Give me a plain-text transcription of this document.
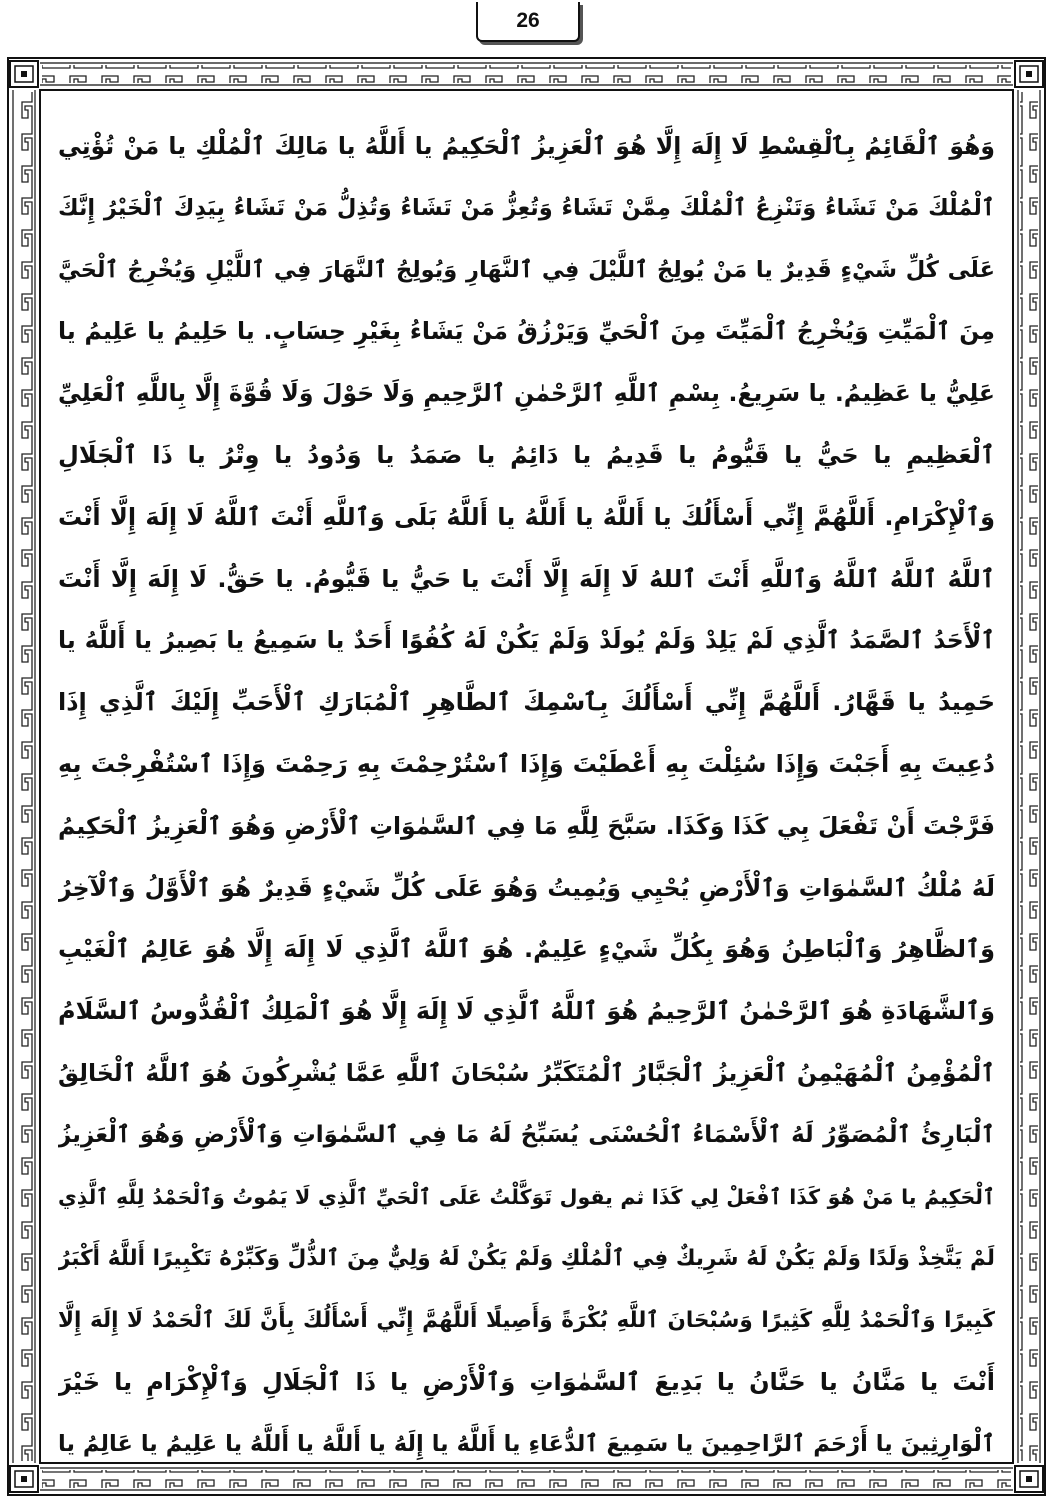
26
وَهُوَ ٱلْقَائِمُ بِٱلْقِسْطِ لَا إِلَهَ إِلَّا هُوَ ٱلْعَزِيزُ ٱلْحَكِيمُ يا أَللَّهُ يا مَالِكَ ٱلْمُلْكِ يا مَنْ تُؤْتِي
ٱلْمُلْكَ مَنْ تَشَاءُ وَتَنْزِعُ ٱلْمُلْكَ مِمَّنْ تَشَاءُ وَتُعِزُّ مَنْ تَشَاءُ وَتُذِلُّ مَنْ تَشَاءُ بِيَدِكَ ٱلْخَيْرُ إِنَّكَ
عَلَى كُلِّ شَيْءٍ قَدِيرٌ يا مَنْ يُولِجُ ٱللَّيْلَ فِي ٱلنَّهَارِ وَيُولِجُ ٱلنَّهَارَ فِي ٱللَّيْلِ وَيُخْرِجُ ٱلْحَيَّ
مِنَ ٱلْمَيِّتِ وَيُخْرِجُ ٱلْمَيِّتَ مِنَ ٱلْحَيِّ وَيَرْزُقُ مَنْ يَشَاءُ بِغَيْرِ حِسَابٍ. يا حَلِيمُ يا عَلِيمُ يا
عَلِيُّ يا عَظِيمُ. يا سَرِيعُ. بِسْمِ ٱللَّهِ ٱلرَّحْمٰنِ ٱلرَّحِيمِ وَلَا حَوْلَ وَلَا قُوَّةَ إِلَّا بِاللَّهِ ٱلْعَلِيِّ
ٱلْعَظِيمِ يا حَيُّ يا قَيُّومُ يا قَدِيمُ يا دَائِمُ يا صَمَدُ يا وَدُودُ يا وِتْرُ يا ذَا ٱلْجَلَالِ
وَٱلْإِكْرَامِ. أَللَّهُمَّ إِنِّي أَسْأَلُكَ يا أَللَّهُ يا أَللَّهُ يا أَللَّهُ بَلَى وَٱللَّهِ أَنْتَ ٱللَّهُ لَا إِلَهَ إِلَّا أَنْتَ
ٱللَّهُ ٱللَّهُ ٱللَّهُ وَٱللَّهِ أَنْتَ ٱللهُ لَا إِلَهَ إِلَّا أَنْتَ يا حَيُّ يا قَيُّومُ. يا حَقُّ. لَا إِلَهَ إِلَّا أَنْتَ
ٱلْأَحَدُ ٱلصَّمَدُ ٱلَّذِي لَمْ يَلِدْ وَلَمْ يُولَدْ وَلَمْ يَكُنْ لَهُ كُفُوًا أَحَدٌ يا سَمِيعُ يا بَصِيرُ يا أَللَّهُ يا
حَمِيدُ يا قَهَّارُ. أَللَّهُمَّ إِنِّي أَسْأَلُكَ بِٱسْمِكَ ٱلطَّاهِرِ ٱلْمُبَارَكِ ٱلْأَحَبِّ إِلَيْكَ ٱلَّذِي إِذَا
دُعِيتَ بِهِ أَجَبْتَ وَإِذَا سُئِلْتَ بِهِ أَعْطَيْتَ وَإِذَا ٱسْتُرْحِمْتَ بِهِ رَحِمْتَ وَإِذَا ٱسْتُفْرِجْتَ بِهِ
فَرَّجْتَ أَنْ تَفْعَلَ بِي كَذَا وَكَذَا. سَبَّحَ لِلَّهِ مَا فِي ٱلسَّمٰوَاتِ ٱلْأَرْضِ وَهُوَ ٱلْعَزِيزُ ٱلْحَكِيمُ
لَهُ مُلْكُ ٱلسَّمٰوَاتِ وَٱلْأَرْضِ يُحْيِي وَيُمِيتُ وَهُوَ عَلَى كُلِّ شَيْءٍ قَدِيرٌ هُوَ ٱلْأَوَّلُ وَٱلْآخِرُ
وَٱلظَّاهِرُ وَٱلْبَاطِنُ وَهُوَ بِكُلِّ شَيْءٍ عَلِيمٌ. هُوَ ٱللَّهُ ٱلَّذِي لَا إِلَهَ إِلَّا هُوَ عَالِمُ ٱلْغَيْبِ
وَٱلشَّهَادَةِ هُوَ ٱلرَّحْمٰنُ ٱلرَّحِيمُ هُوَ ٱللَّهُ ٱلَّذِي لَا إِلَهَ إِلَّا هُوَ ٱلْمَلِكُ ٱلْقُدُّوسُ ٱلسَّلَامُ
ٱلْمُؤْمِنُ ٱلْمُهَيْمِنُ ٱلْعَزِيزُ ٱلْجَبَّارُ ٱلْمُتَكَبِّرُ سُبْحَانَ ٱللَّهِ عَمَّا يُشْرِكُونَ هُوَ ٱللَّهُ ٱلْخَالِقُ
ٱلْبَارِئُ ٱلْمُصَوِّرُ لَهُ ٱلْأَسْمَاءُ ٱلْحُسْنَى يُسَبِّحُ لَهُ مَا فِي ٱلسَّمٰوَاتِ وَٱلْأَرْضِ وَهُوَ ٱلْعَزِيزُ
ٱلْحَكِيمُ يا مَنْ هُوَ كَذَا ٱفْعَلْ لِي كَذَا ثم يقول تَوَكَّلْتُ عَلَى ٱلْحَيِّ ٱلَّذِي لَا يَمُوتُ وَٱلْحَمْدُ لِلَّهِ ٱلَّذِي
لَمْ يَتَّخِذْ وَلَدًا وَلَمْ يَكُنْ لَهُ شَرِيكٌ فِي ٱلْمُلْكِ وَلَمْ يَكُنْ لَهُ وَلِيٌّ مِنَ ٱلذُّلِّ وَكَبِّرْهُ تَكْبِيرًا أَللَّهُ أَكْبَرُ
كَبِيرًا وَٱلْحَمْدُ لِلَّهِ كَثِيرًا وَسُبْحَانَ ٱللَّهِ بُكْرَةً وَأَصِيلًا أَللَّهُمَّ إِنِّي أَسْأَلُكَ بِأَنَّ لَكَ ٱلْحَمْدُ لَا إِلَهَ إِلَّا
أَنْتَ يا مَنَّانُ يا حَنَّانُ يا بَدِيعَ ٱلسَّمٰوَاتِ وَٱلْأَرْضِ يا ذَا ٱلْجَلَالِ وَٱلْإِكْرَامِ يا خَيْرَ
ٱلْوَارِثِينَ يا أَرْحَمَ ٱلرَّاحِمِينَ يا سَمِيعَ ٱلدُّعَاءِ يا أَللَّهُ يا إِلَهُ يا أَللَّهُ يا أَللَّهُ يا عَلِيمُ يا عَالِمُ يا
